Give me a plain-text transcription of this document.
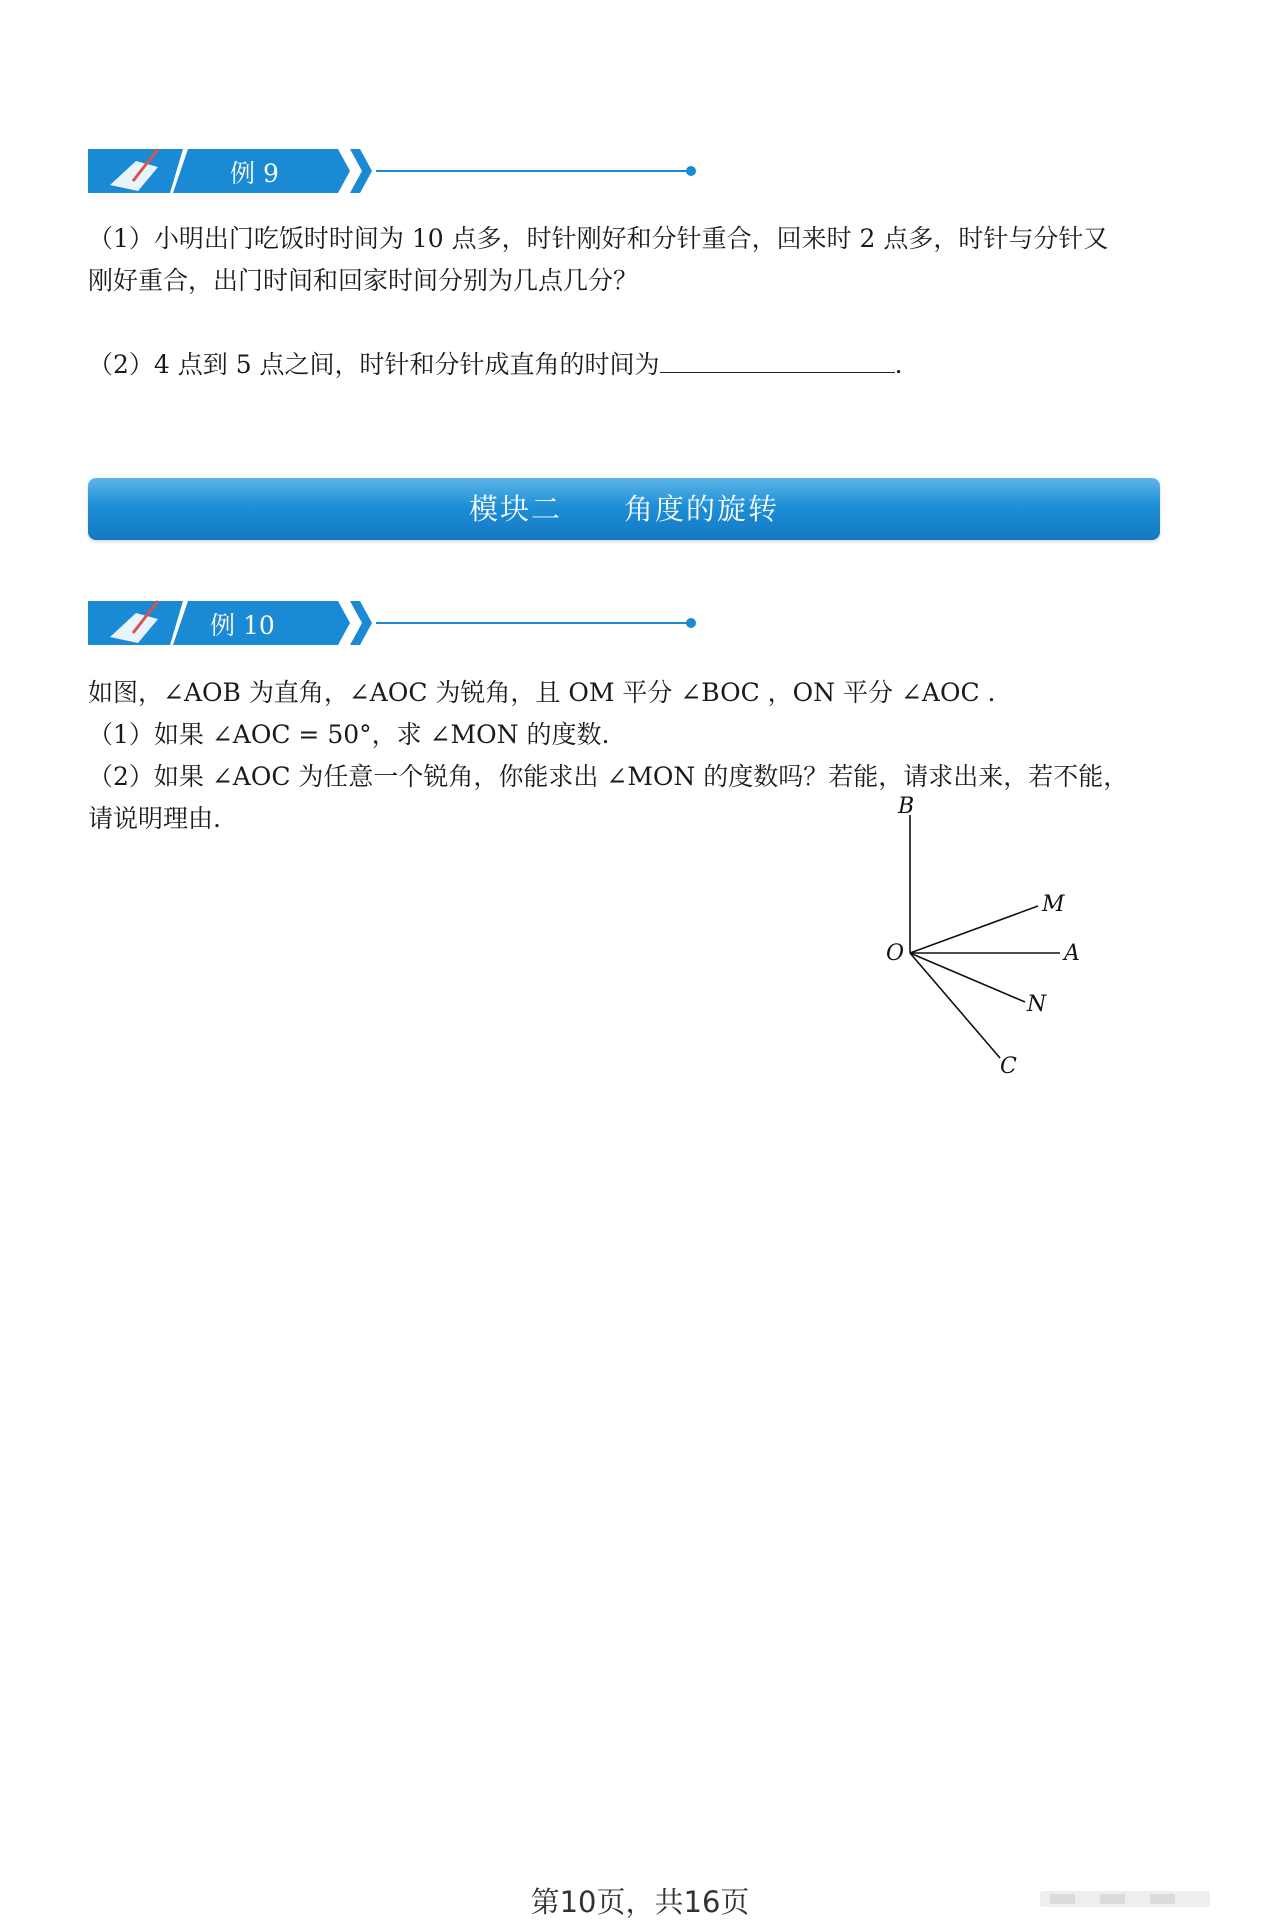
例 9

（1）小明出门吃饭时时间为 10 点多，时针刚好和分针重合，回来时 2 点多，时针与分针又

刚好重合，出门时间和回家时间分别为几点几分？

（2）4 点到 5 点之间，时针和分针成直角的时间为	.

模块二　　角度的旋转
例 10

如图，∠AOB 为直角，∠AOC 为锐角，且 OM 平分 ∠BOC ，ON 平分 ∠AOC .

（1）如果 ∠AOC = 50°，求 ∠MON 的度数.

（2）如果 ∠AOC 为任意一个锐角，你能求出 ∠MON 的度数吗？若能，请求出来，若不能，

请说明理由.	B
M
O	A
N
C
第10页，共16页
